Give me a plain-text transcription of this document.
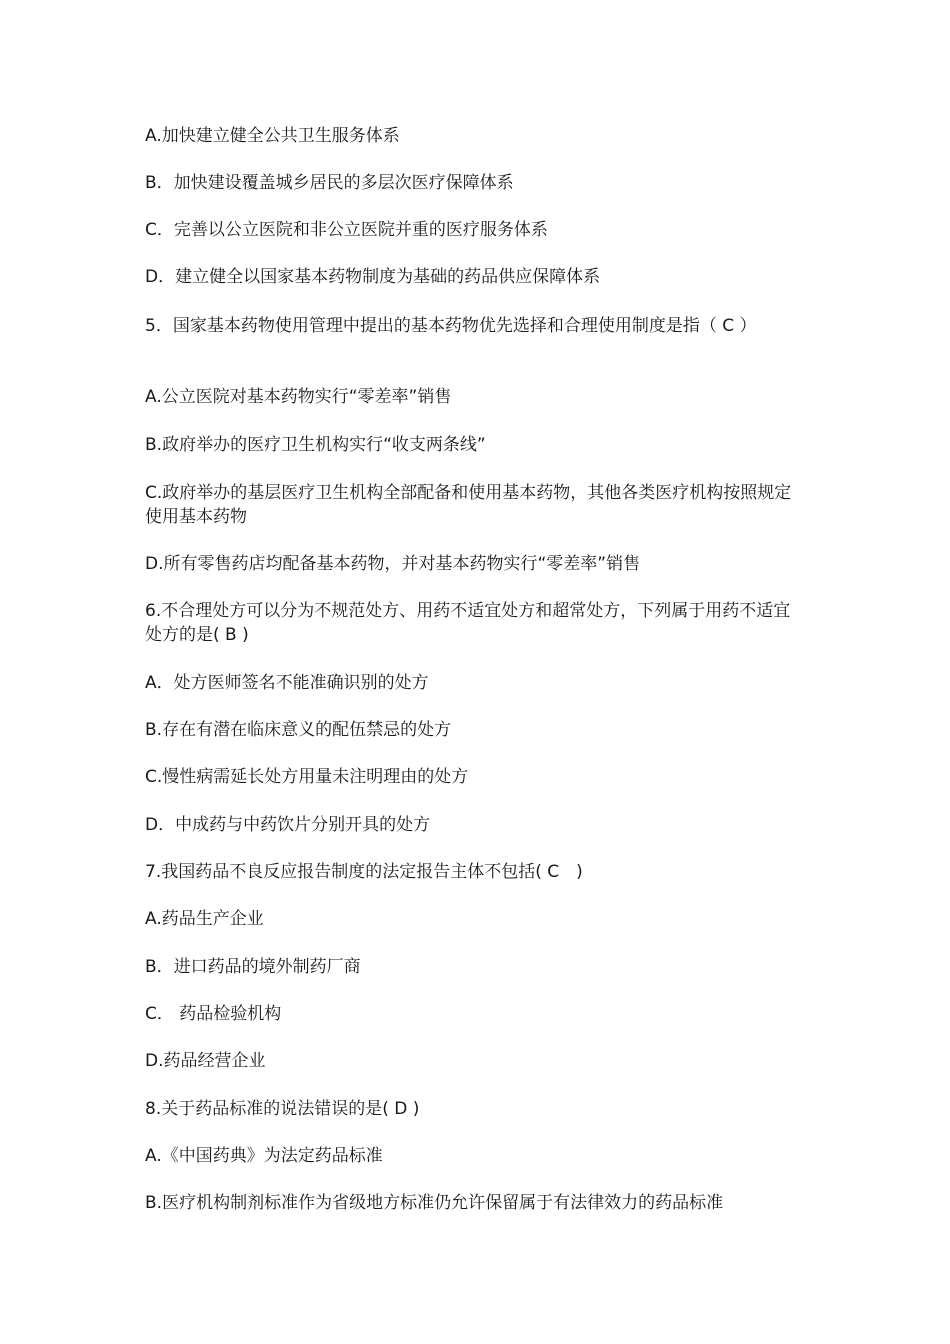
A.加快建立健全公共卫生服务体系
B．加快建设覆盖城乡居民的多层次医疗保障体系
C．完善以公立医院和非公立医院并重的医疗服务体系
D．建立健全以国家基本药物制度为基础的药品供应保障体系
5．国家基本药物使用管理中提出的基本药物优先选择和合理使用制度是指（ C ）
A.公立医院对基本药物实行“零差率”销售
B.政府举办的医疗卫生机构实行“收支两条线”
C.政府举办的基层医疗卫生机构全部配备和使用基本药物，其他各类医疗机构按照规定使用基本药物
D.所有零售药店均配备基本药物，并对基本药物实行“零差率”销售
6.不合理处方可以分为不规范处方、用药不适宜处方和超常处方，下列属于用药不适宜处方的是( B )
A．处方医师签名不能准确识别的处方
B.存在有潜在临床意义的配伍禁忌的处方
C.慢性病需延长处方用量未注明理由的处方
D．中成药与中药饮片分别开具的处方
7.我国药品不良反应报告制度的法定报告主体不包括( C　)
A.药品生产企业
B．进口药品的境外制药厂商
C． 药品检验机构
D.药品经营企业
8.关于药品标准的说法错误的是( D )
A.《中国药典》为法定药品标准
B.医疗机构制剂标准作为省级地方标准仍允许保留属于有法律效力的药品标准
